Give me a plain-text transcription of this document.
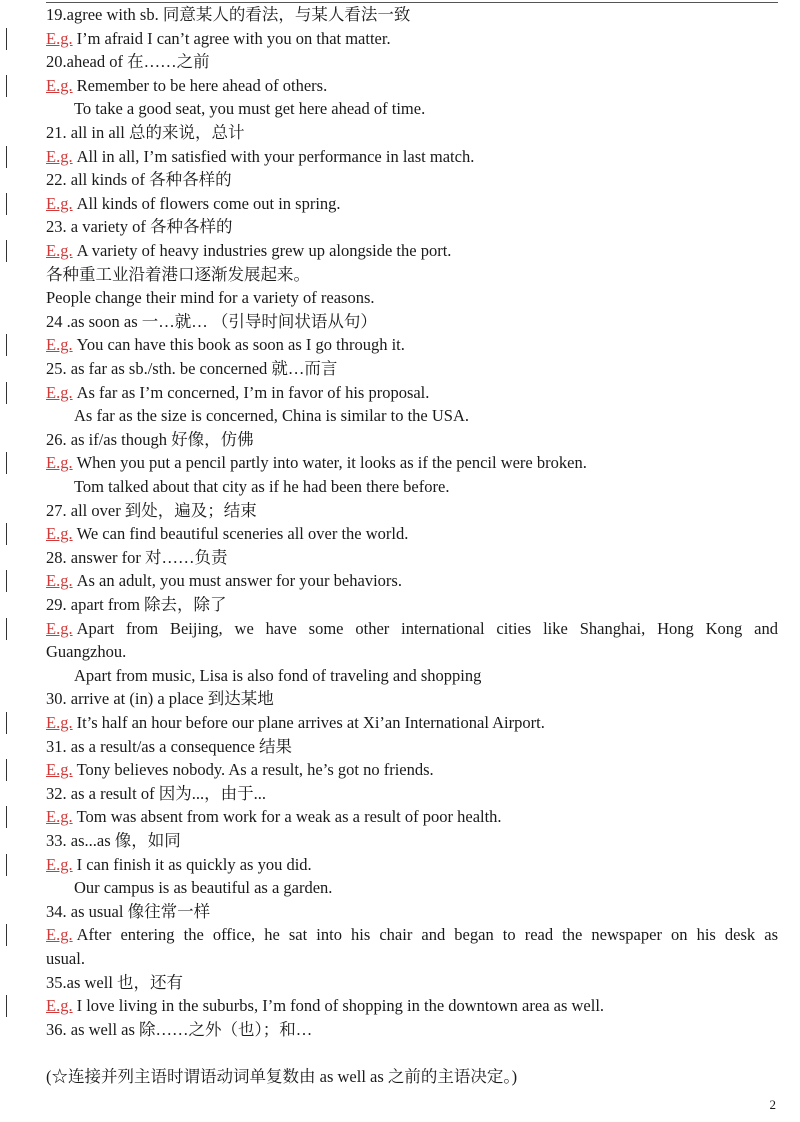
19.agree with sb. 同意某人的看法，与某人看法一致
E.g. I’m afraid I can’t agree with you on that matter.
20.ahead of 在……之前
E.g. Remember to be here ahead of others.
To take a good seat, you must get here ahead of time.
21. all in all 总的来说，总计
E.g. All in all, I’m satisfied with your performance in last match.
22. all kinds of 各种各样的
E.g. All kinds of flowers come out in spring.
23. a variety of 各种各样的
E.g. A variety of heavy industries grew up alongside the port.
各种重工业沿着港口逐渐发展起来。
People change their mind for a variety of reasons.
24 .as soon as 一…就… （引导时间状语从句）
E.g. You can have this book as soon as I go through it.
25. as far as sb./sth. be concerned 就…而言
E.g. As far as I’m concerned, I’m in favor of his proposal.
As far as the size is concerned, China is similar to the USA.
26. as if/as though 好像，仿佛
E.g. When you put a pencil partly into water, it looks as if the pencil were broken.
Tom talked about that city as if he had been there before.
27. all over 到处，遍及；结束
E.g. We can find beautiful sceneries all over the world.
28. answer for 对……负责
E.g. As an adult, you must answer for your behaviors.
29. apart from 除去，除了
E.g. Apart from Beijing, we have some other international cities like Shanghai, Hong Kong and
Guangzhou.
Apart from music, Lisa is also fond of traveling and shopping
30. arrive at (in) a place 到达某地
E.g. It’s half an hour before our plane arrives at Xi’an International Airport.
31. as a result/as a consequence 结果
E.g. Tony believes nobody. As a result, he’s got no friends.
32. as a result of 因为...，由于...
E.g. Tom was absent from work for a weak as a result of poor health.
33. as...as 像，如同
E.g. I can finish it as quickly as you did.
Our campus is as beautiful as a garden.
34. as usual 像往常一样
E.g. After entering the office, he sat into his chair and began to read the newspaper on his desk as
usual.
35.as well 也，还有
E.g. I love living in the suburbs, I’m fond of shopping in the downtown area as well.
36. as well as 除……之外（也）；和…
(☆连接并列主语时谓语动词单复数由 as well as 之前的主语决定。)
2
